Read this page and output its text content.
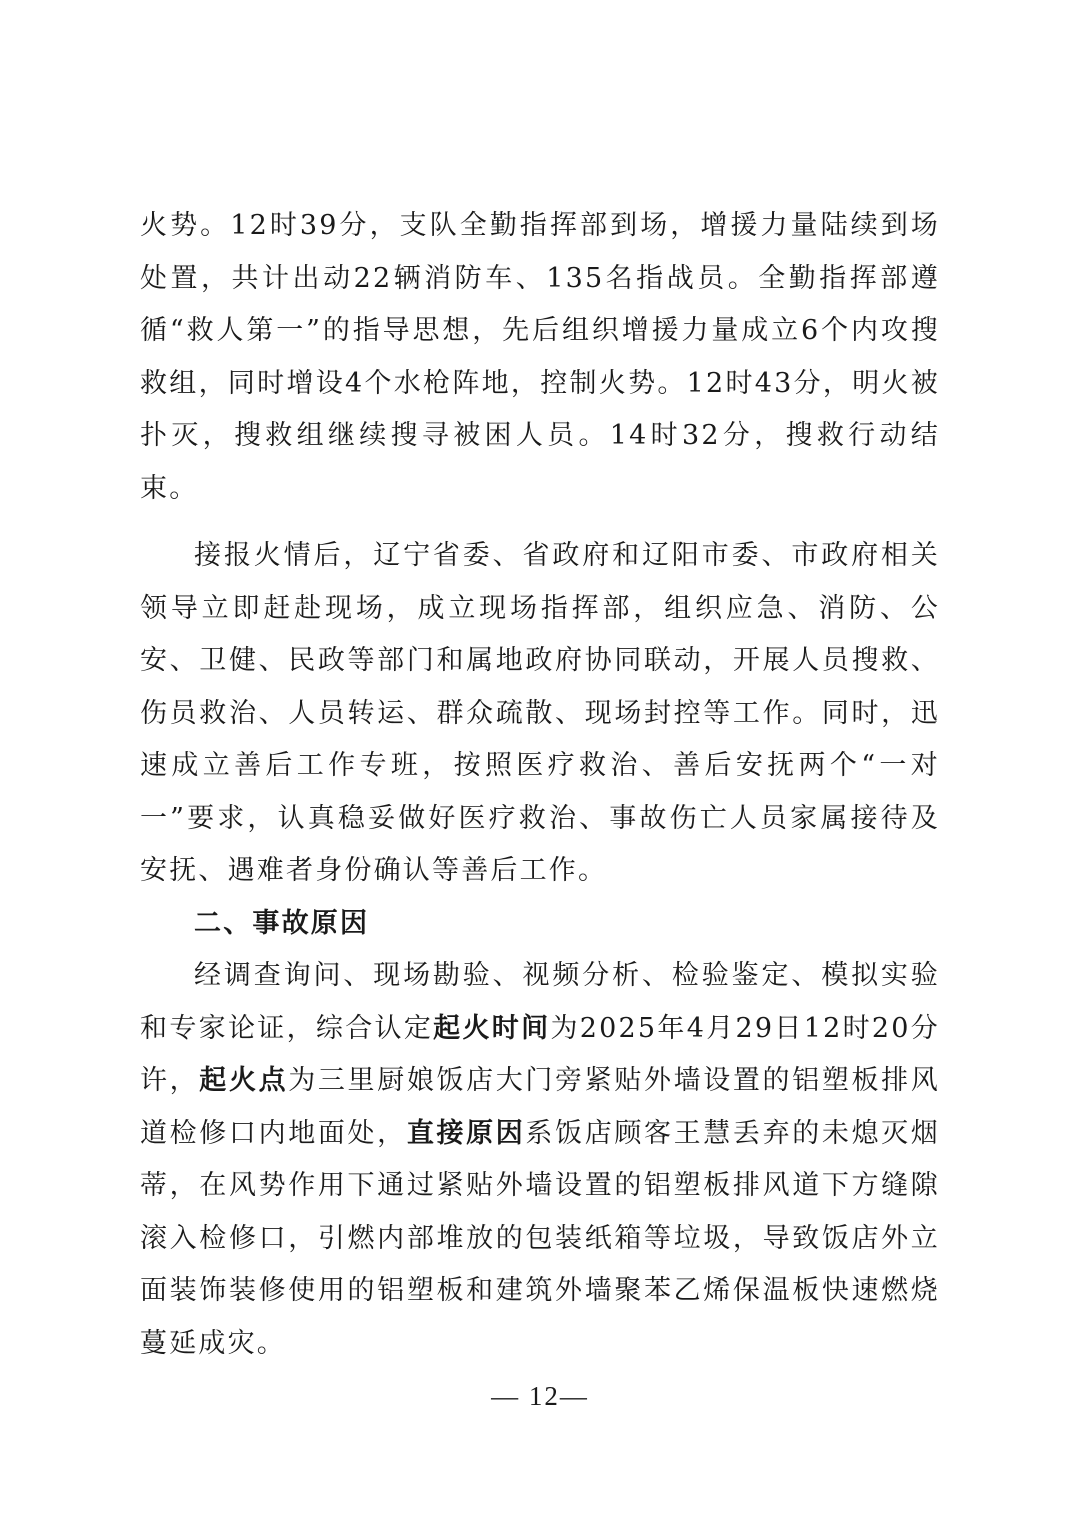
火势。12时39分，支队全勤指挥部到场，增援力量陆续到场处置，共计出动22辆消防车、135名指战员。全勤指挥部遵循“救人第一”的指导思想，先后组织增援力量成立6个内攻搜救组，同时增设4个水枪阵地，控制火势。12时43分，明火被扑灭，搜救组继续搜寻被困人员。14时32分，搜救行动结束。

接报火情后，辽宁省委、省政府和辽阳市委、市政府相关领导立即赶赴现场，成立现场指挥部，组织应急、消防、公安、卫健、民政等部门和属地政府协同联动，开展人员搜救、伤员救治、人员转运、群众疏散、现场封控等工作。同时，迅速成立善后工作专班，按照医疗救治、善后安抚两个“一对一”要求，认真稳妥做好医疗救治、事故伤亡人员家属接待及安抚、遇难者身份确认等善后工作。

二、事故原因

经调查询问、现场勘验、视频分析、检验鉴定、模拟实验和专家论证，综合认定起火时间为2025年4月29日12时20分许，起火点为三里厨娘饭店大门旁紧贴外墙设置的铝塑板排风道检修口内地面处，直接原因系饭店顾客王慧丢弃的未熄灭烟蒂，在风势作用下通过紧贴外墙设置的铝塑板排风道下方缝隙滚入检修口，引燃内部堆放的包装纸箱等垃圾，导致饭店外立面装饰装修使用的铝塑板和建筑外墙聚苯乙烯保温板快速燃烧蔓延成灾。

— 12—
